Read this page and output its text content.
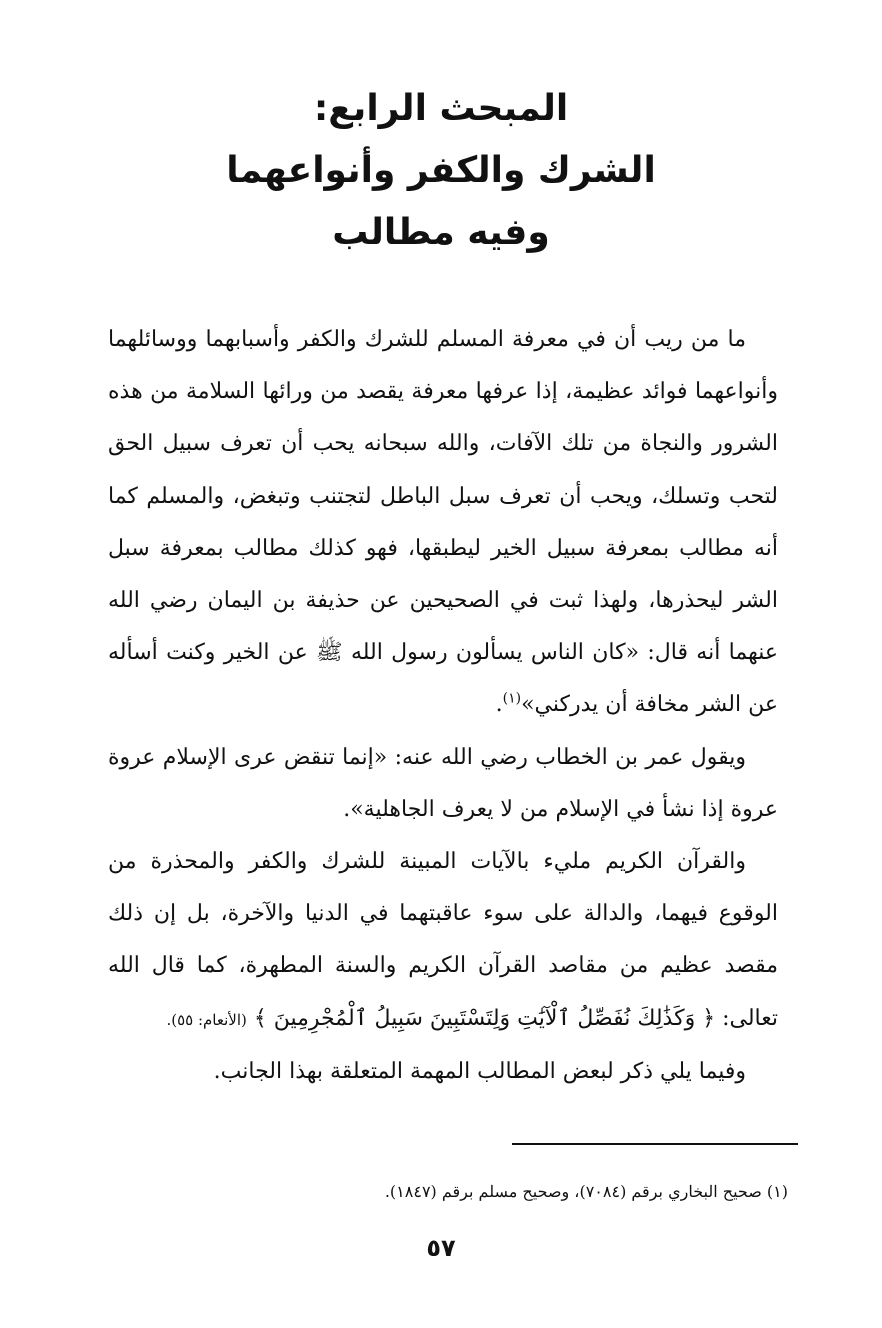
المبحث الرابع:
الشرك والكفر وأنواعهما
وفيه مطالب

ما من ريب أن في معرفة المسلم للشرك والكفر وأسبابهما ووسائلهما وأنواعهما فوائد عظيمة، إذا عرفها معرفة يقصد من ورائها السلامة من هذه الشرور والنجاة من تلك الآفات، والله سبحانه يحب أن تعرف سبيل الحق لتحب وتسلك، ويحب أن تعرف سبل الباطل لتجتنب وتبغض، والمسلم كما أنه مطالب بمعرفة سبيل الخير ليطبقها، فهو كذلك مطالب بمعرفة سبل الشر ليحذرها، ولهذا ثبت في الصحيحين عن حذيفة بن اليمان رضي الله عنهما أنه قال: «كان الناس يسألون رسول الله ﷺ عن الخير وكنت أسأله عن الشر مخافة أن يدركني»$^{(١)}$.

ويقول عمر بن الخطاب رضي الله عنه: «إنما تنقض عرى الإسلام عروة عروة إذا نشأ في الإسلام من لا يعرف الجاهلية».

والقرآن الكريم مليء بالآيات المبينة للشرك والكفر والمحذرة من الوقوع فيهما، والدالة على سوء عاقبتهما في الدنيا والآخرة، بل إن ذلك مقصد عظيم من مقاصد القرآن الكريم والسنة المطهرة، كما قال الله تعالى: ﴿ وَكَذَٰلِكَ نُفَصِّلُ ٱلْآيَٰتِ وَلِتَسْتَبِينَ سَبِيلُ ٱلْمُجْرِمِينَ ﴾ (الأنعام: ٥٥).

وفيما يلي ذكر لبعض المطالب المهمة المتعلقة بهذا الجانب.

(١) صحيح البخاري برقم (٧٠٨٤)، وصحيح مسلم برقم (١٨٤٧).
٥٧
